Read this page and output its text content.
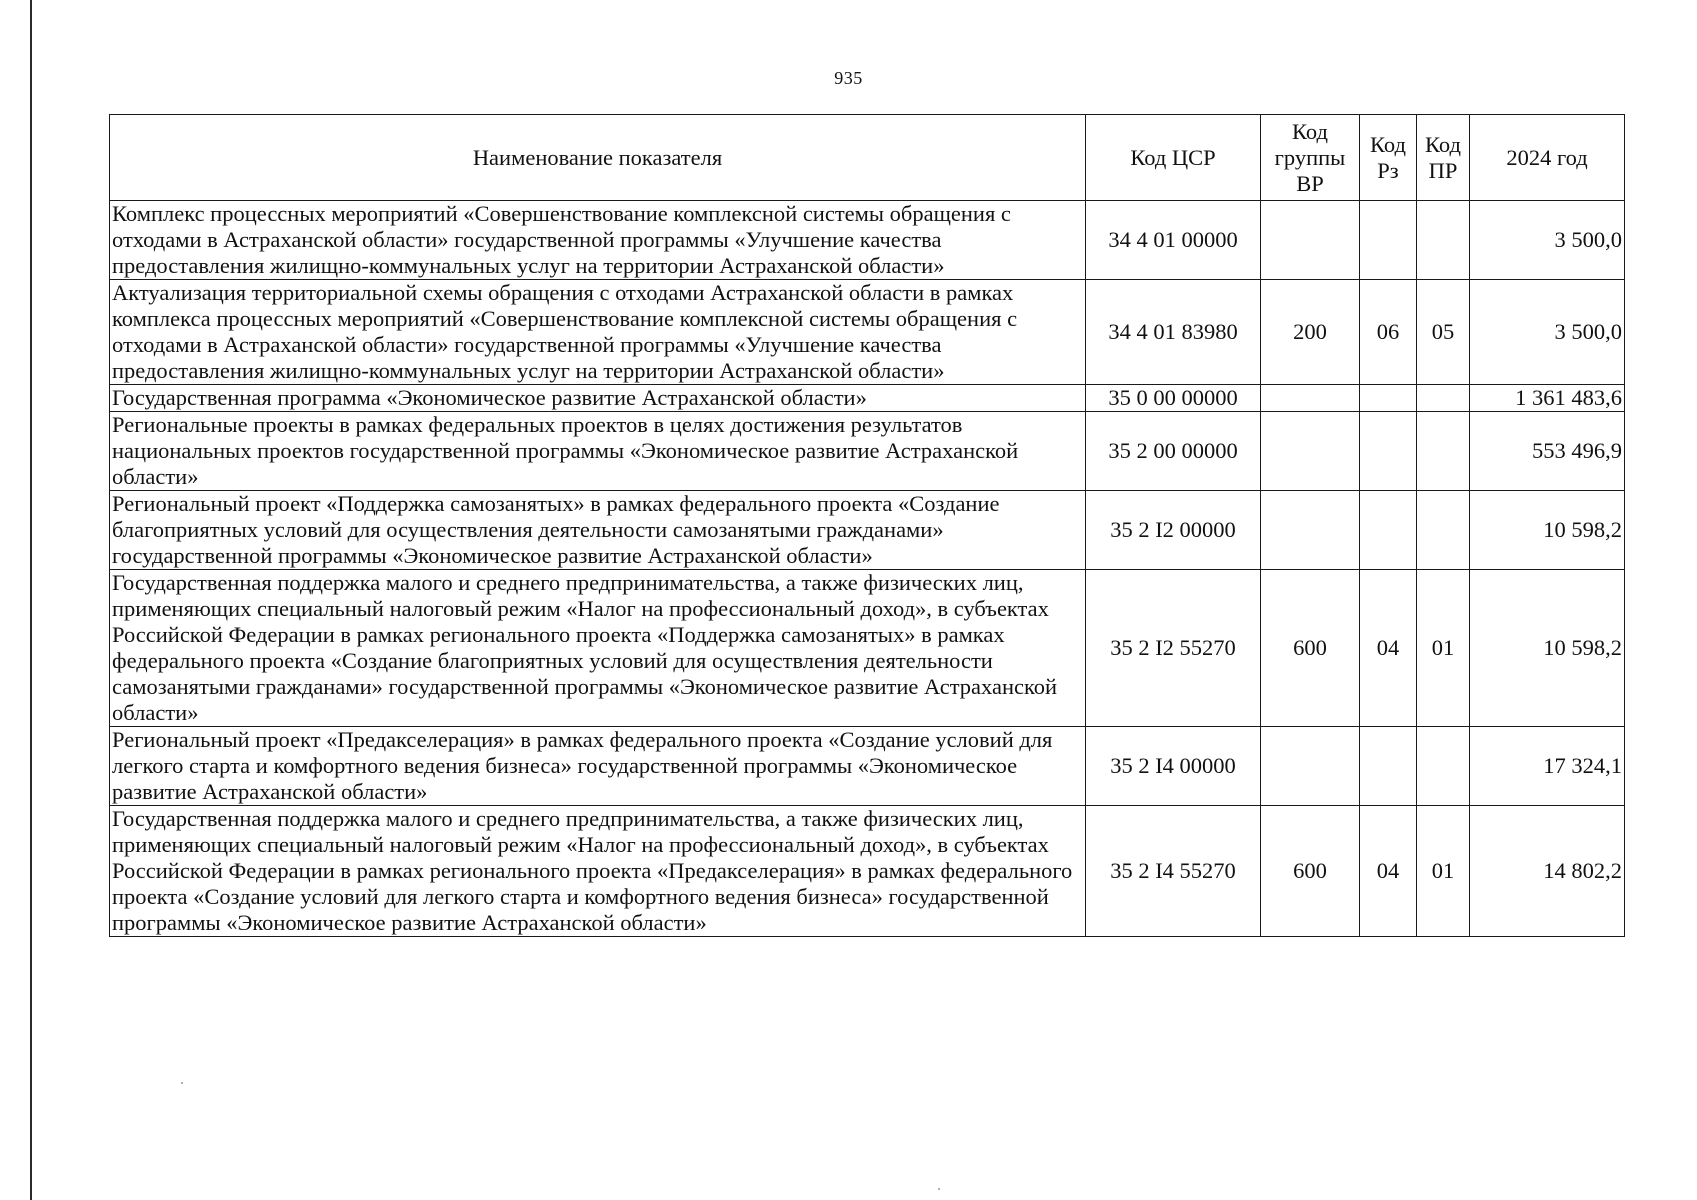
935
Наименование показателя	Код ЦСР	Код группы ВР	Код Рз	Код ПР	2024 год
Комплекс процессных мероприятий «Совершенствование комплексной системы обращения с отходами в Астраханской области» государственной программы «Улучшение качества предоставления жилищно-коммунальных услуг на территории Астраханской области»	34 4 01 00000				3 500,0
Актуализация территориальной схемы обращения с отходами Астраханской области в рамках комплекса процессных мероприятий «Совершенствование комплексной системы обращения с отходами в Астраханской области» государственной программы «Улучшение качества предоставления жилищно-коммунальных услуг на территории Астраханской области»	34 4 01 83980	200	06	05	3 500,0
Государственная программа «Экономическое развитие Астраханской области»	35 0 00 00000				1 361 483,6
Региональные проекты в рамках федеральных проектов в целях достижения результатов национальных проектов государственной программы «Экономическое развитие Астраханской области»	35 2 00 00000				553 496,9
Региональный проект «Поддержка самозанятых» в рамках федерального проекта «Создание благоприятных условий для осуществления деятельности самозанятыми гражданами» государственной программы «Экономическое развитие Астраханской области»	35 2 I2 00000				10 598,2
Государственная поддержка малого и среднего предпринимательства, а также физических лиц, применяющих специальный налоговый режим «Налог на профессиональный доход», в субъектах Российской Федерации в рамках регионального проекта «Поддержка самозанятых» в рамках федерального проекта «Создание благоприятных условий для осуществления деятельности самозанятыми гражданами» государственной программы «Экономическое развитие Астраханской области»	35 2 I2 55270	600	04	01	10 598,2
Региональный проект «Предакселерация» в рамках федерального проекта «Создание условий для легкого старта и комфортного ведения бизнеса» государственной программы «Экономическое развитие Астраханской области»	35 2 I4 00000				17 324,1
Государственная поддержка малого и среднего предпринимательства, а также физических лиц, применяющих специальный налоговый режим «Налог на профессиональный доход», в субъектах Российской Федерации в рамках регионального проекта «Предакселерация» в рамках федерального проекта «Создание условий для легкого старта и комфортного ведения бизнеса» государственной программы «Экономическое развитие Астраханской области»	35 2 I4 55270	600	04	01	14 802,2
